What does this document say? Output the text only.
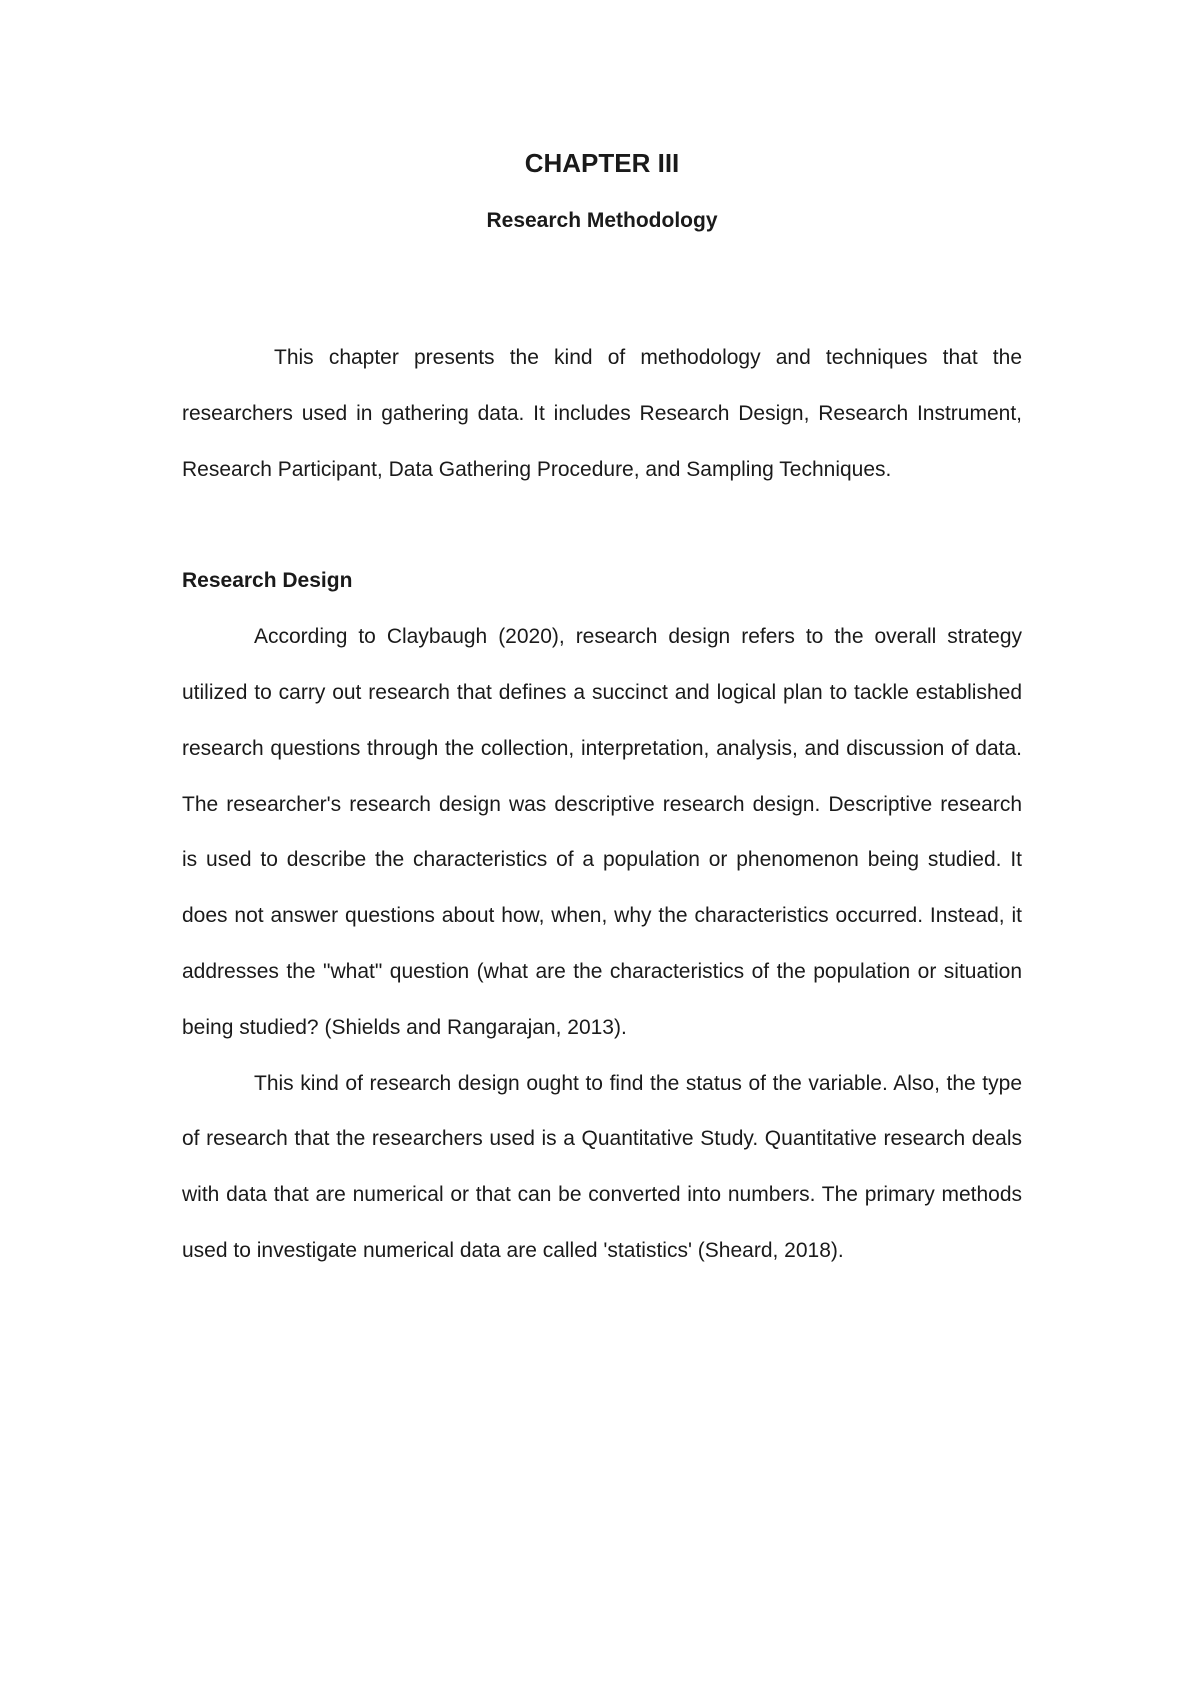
CHAPTER III
Research Methodology

This chapter presents the kind of methodology and techniques that the researchers used in gathering data. It includes Research Design, Research Instrument, Research Participant, Data Gathering Procedure, and Sampling Techniques.

Research Design

According to Claybaugh (2020), research design refers to the overall strategy utilized to carry out research that defines a succinct and logical plan to tackle established research questions through the collection, interpretation, analysis, and discussion of data. The researcher's research design was descriptive research design. Descriptive research is used to describe the characteristics of a population or phenomenon being studied. It does not answer questions about how, when, why the characteristics occurred. Instead, it addresses the "what" question (what are the characteristics of the population or situation being studied? (Shields and Rangarajan, 2013).

This kind of research design ought to find the status of the variable. Also, the type of research that the researchers used is a Quantitative Study. Quantitative research deals with data that are numerical or that can be converted into numbers. The primary methods used to investigate numerical data are called 'statistics' (Sheard, 2018).
